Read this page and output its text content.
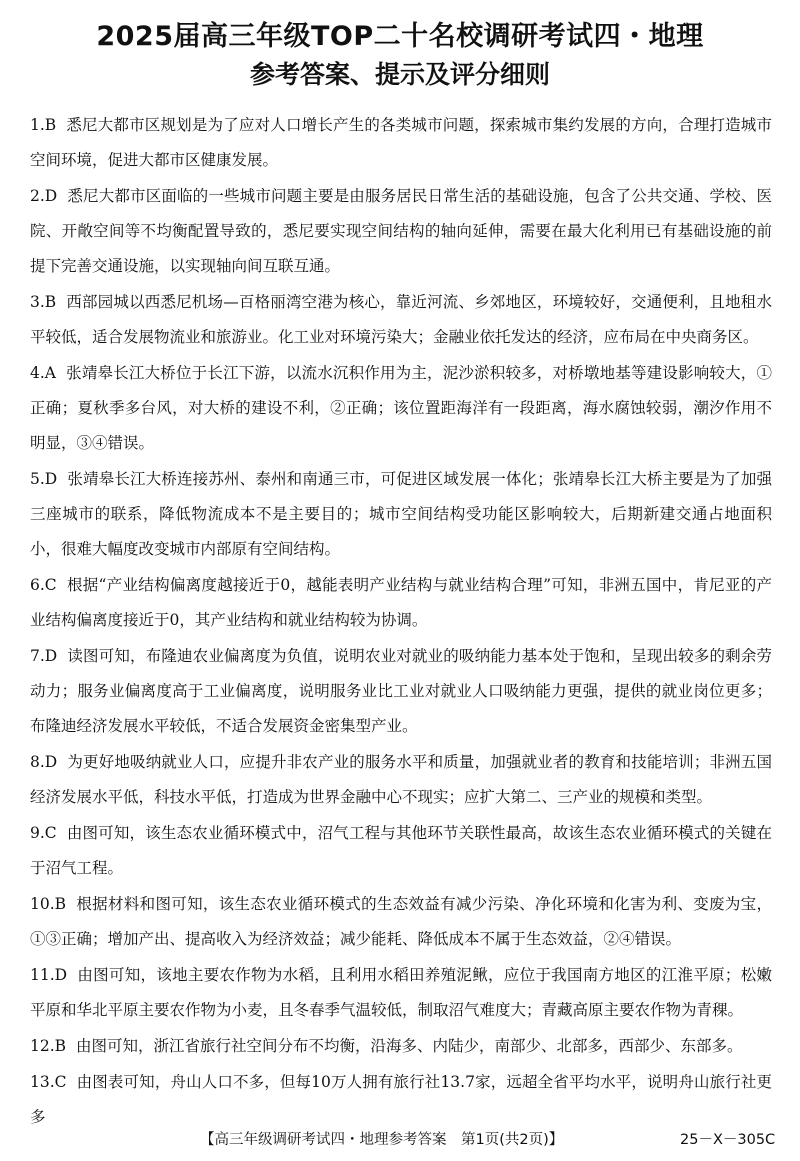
2025届高三年级TOP二十名校调研考试四・地理
参考答案、提示及评分细则
1.B 悉尼大都市区规划是为了应对人口增长产生的各类城市问题，探索城市集约发展的方向，合理打造城市空间环境，促进大都市区健康发展。
2.D 悉尼大都市区面临的一些城市问题主要是由服务居民日常生活的基础设施，包含了公共交通、学校、医院、开敞空间等不均衡配置导致的，悉尼要实现空间结构的轴向延伸，需要在最大化利用已有基础设施的前提下完善交通设施，以实现轴向间互联互通。
3.B 西部园城以西悉尼机场—百格丽湾空港为核心，靠近河流、乡郊地区，环境较好，交通便利，且地租水平较低，适合发展物流业和旅游业。化工业对环境污染大；金融业依托发达的经济，应布局在中央商务区。
4.A 张靖皋长江大桥位于长江下游，以流水沉积作用为主，泥沙淤积较多，对桥墩地基等建设影响较大，①正确；夏秋季多台风，对大桥的建设不利，②正确；该位置距海洋有一段距离，海水腐蚀较弱，潮汐作用不明显，③④错误。
5.D 张靖皋长江大桥连接苏州、泰州和南通三市，可促进区域发展一体化；张靖皋长江大桥主要是为了加强三座城市的联系，降低物流成本不是主要目的；城市空间结构受功能区影响较大，后期新建交通占地面积小，很难大幅度改变城市内部原有空间结构。
6.C 根据“产业结构偏离度越接近于0，越能表明产业结构与就业结构合理”可知，非洲五国中，肯尼亚的产业结构偏离度接近于0，其产业结构和就业结构较为协调。
7.D 读图可知，布隆迪农业偏离度为负值，说明农业对就业的吸纳能力基本处于饱和，呈现出较多的剩余劳动力；服务业偏离度高于工业偏离度，说明服务业比工业对就业人口吸纳能力更强，提供的就业岗位更多；布隆迪经济发展水平较低，不适合发展资金密集型产业。
8.D 为更好地吸纳就业人口，应提升非农产业的服务水平和质量，加强就业者的教育和技能培训；非洲五国经济发展水平低，科技水平低，打造成为世界金融中心不现实；应扩大第二、三产业的规模和类型。
9.C 由图可知，该生态农业循环模式中，沼气工程与其他环节关联性最高，故该生态农业循环模式的关键在于沼气工程。
10.B 根据材料和图可知，该生态农业循环模式的生态效益有减少污染、净化环境和化害为利、变废为宝，①③正确；增加产出、提高收入为经济效益；减少能耗、降低成本不属于生态效益，②④错误。
11.D 由图可知，该地主要农作物为水稻，且利用水稻田养殖泥鳅，应位于我国南方地区的江淮平原；松嫩平原和华北平原主要农作物为小麦，且冬春季气温较低，制取沼气难度大；青藏高原主要农作物为青稞。
12.B 由图可知，浙江省旅行社空间分布不均衡，沿海多、内陆少，南部少、北部多，西部少、东部多。
13.C 由图表可知，舟山人口不多，但每10万人拥有旅行社13.7家，远超全省平均水平，说明舟山旅行社更多
【高三年级调研考试四・地理参考答案　第1页(共2页)】	25－X－305C
